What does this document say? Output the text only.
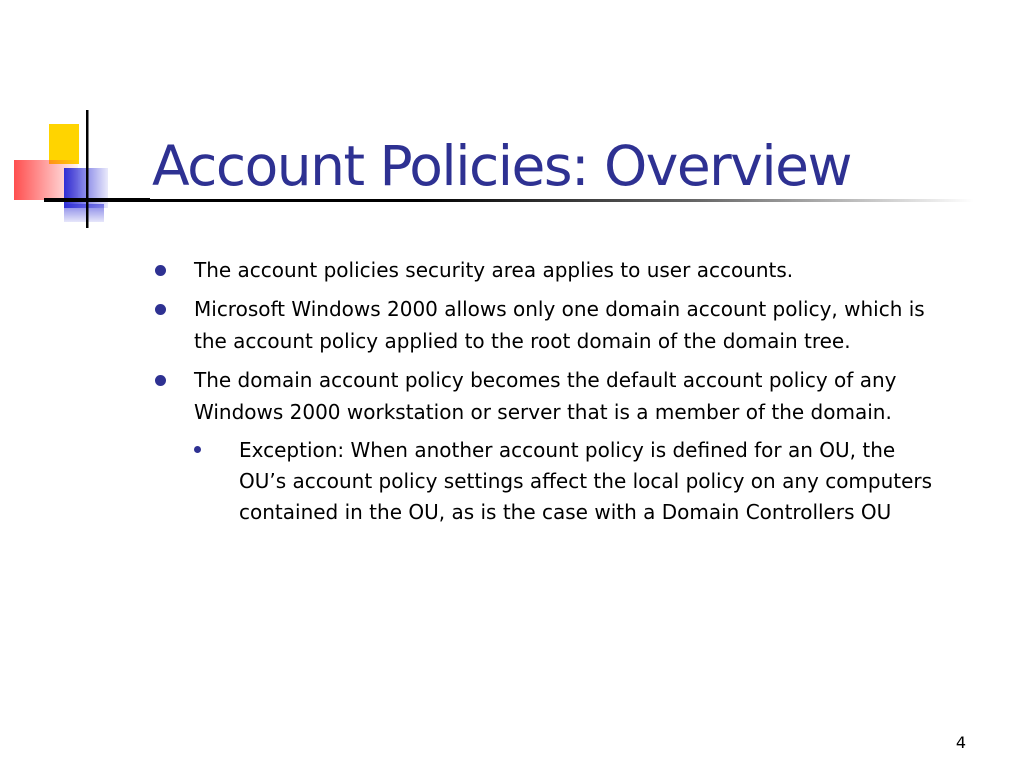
Account Policies: Overview
The account policies security area applies to user accounts.
Microsoft Windows 2000 allows only one domain account policy, which is the account policy applied to the root domain of the domain tree.
The domain account policy becomes the default account policy of any Windows 2000 workstation or server that is a member of the domain.
Exception: When another account policy is defined for an OU, the OU’s account policy settings affect the local policy on any computers contained in the OU, as is the case with a Domain Controllers OU
4
